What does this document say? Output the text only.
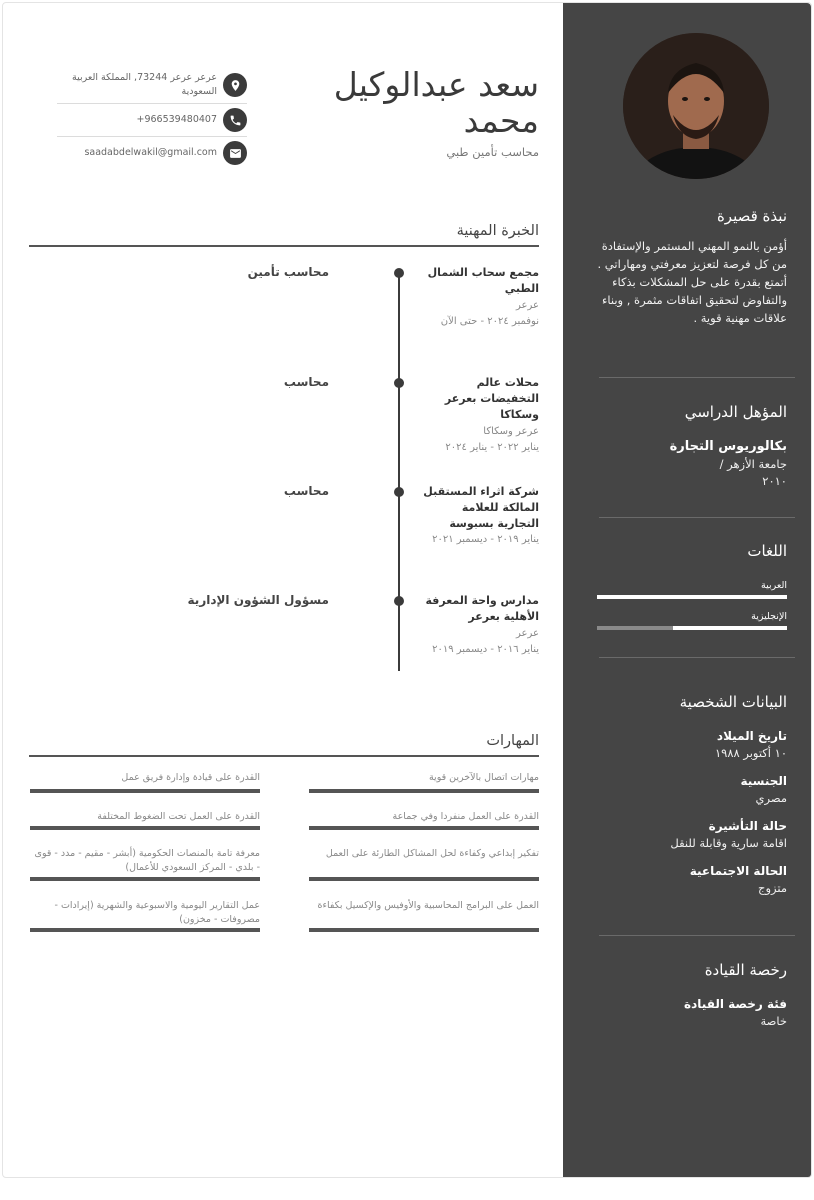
سعد عبدالوكيل محمد
محاسب تأمين طبي
عرعر عرعر 73244, المملكة العربية السعودية
+966539480407
saadabdelwakil@gmail.com
الخبرة المهنية
مجمع سحاب الشمال الطبي
عرعر
نوفمبر ٢٠٢٤ - حتى الآن
محاسب تأمين
محلات عالم التخفيضات بعرعر وسكاكا
عرعر وسكاكا
يناير ٢٠٢٢ - يناير ٢٠٢٤
محاسب
شركة اثراء المستقبل المالكة للعلامة التجارية بسبوسة
يناير ٢٠١٩ - ديسمبر ٢٠٢١
محاسب
مدارس واحة المعرفة الأهلية بعرعر
عرعر
يناير ٢٠١٦ - ديسمبر ٢٠١٩
مسؤول الشؤون الإدارية
المهارات
مهارات اتصال بالآخرين قوية
القدرة على قيادة وإدارة فريق عمل
القدرة على العمل منفردا وفي جماعة
القدرة على العمل تحت الضغوط المختلفة
تفكير إبداعي وكفاءة لحل المشاكل الطارئة على العمل
معرفة تامة بالمنصات الحكومية (أبشر - مقيم - مدد - قوى - بلدي - المركز السعودي للأعمال)
العمل على البرامج المحاسبية والأوفيس والإكسيل بكفاءة
عمل التقارير اليومية والاسبوعية والشهرية (إيرادات - مصروفات - مخزون)
نبذة قصيرة
أؤمن بالنمو المهني المستمر والإستفادة من كل فرصة لتعزيز معرفتي ومهاراتي . أتمتع بقدرة على حل المشكلات بذكاء والتفاوض لتحقيق اتفاقات مثمرة , وبناء علاقات مهنية قوية .
المؤهل الدراسي
بكالوريوس التجارة
جامعة الأزهر /
٢٠١٠
اللغات
العربية
الإنجليزية
البيانات الشخصية
تاريخ الميلاد
١٠ أكتوبر ١٩٨٨
الجنسية
مصري
حالة التأشيرة
اقامة سارية وقابلة للنقل
الحالة الاجتماعية
متزوج
رخصة القيادة
فئة رخصة القيادة
خاصة
